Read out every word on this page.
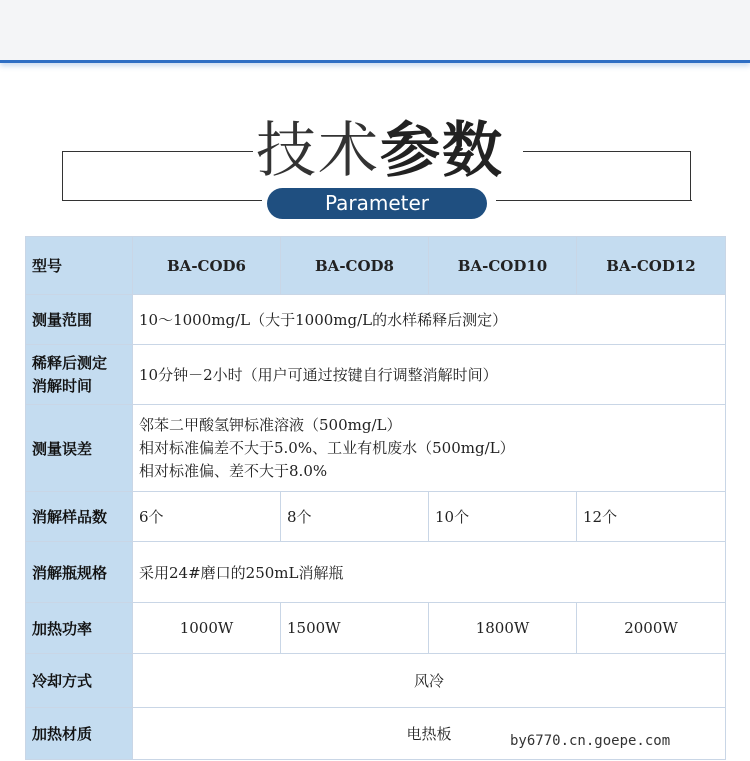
技术参数
Parameter
型号	BA-COD6	BA-COD8	BA-COD10	BA-COD12
测量范围	10～1000mg/L（大于1000mg/L的水样稀释后测定）			

稀释后测定
消解时间	10分钟－2小时（用户可通过按键自行调整消解时间）			
测量误差	邻苯二甲酸氢钾标准溶液（500mg/L）
相对标准偏差不大于5.0%、工业有机废水（500mg/L）
相对标准偏、差不大于8.0%			

消解样品数	6个	8个	10个	12个
消解瓶规格	采用24#磨口的250mL消解瓶			
加热功率	1000W	1500W	1800W	2000W
冷却方式	风冷			
加热材质	电热板				by6770.cn.goepe.com
